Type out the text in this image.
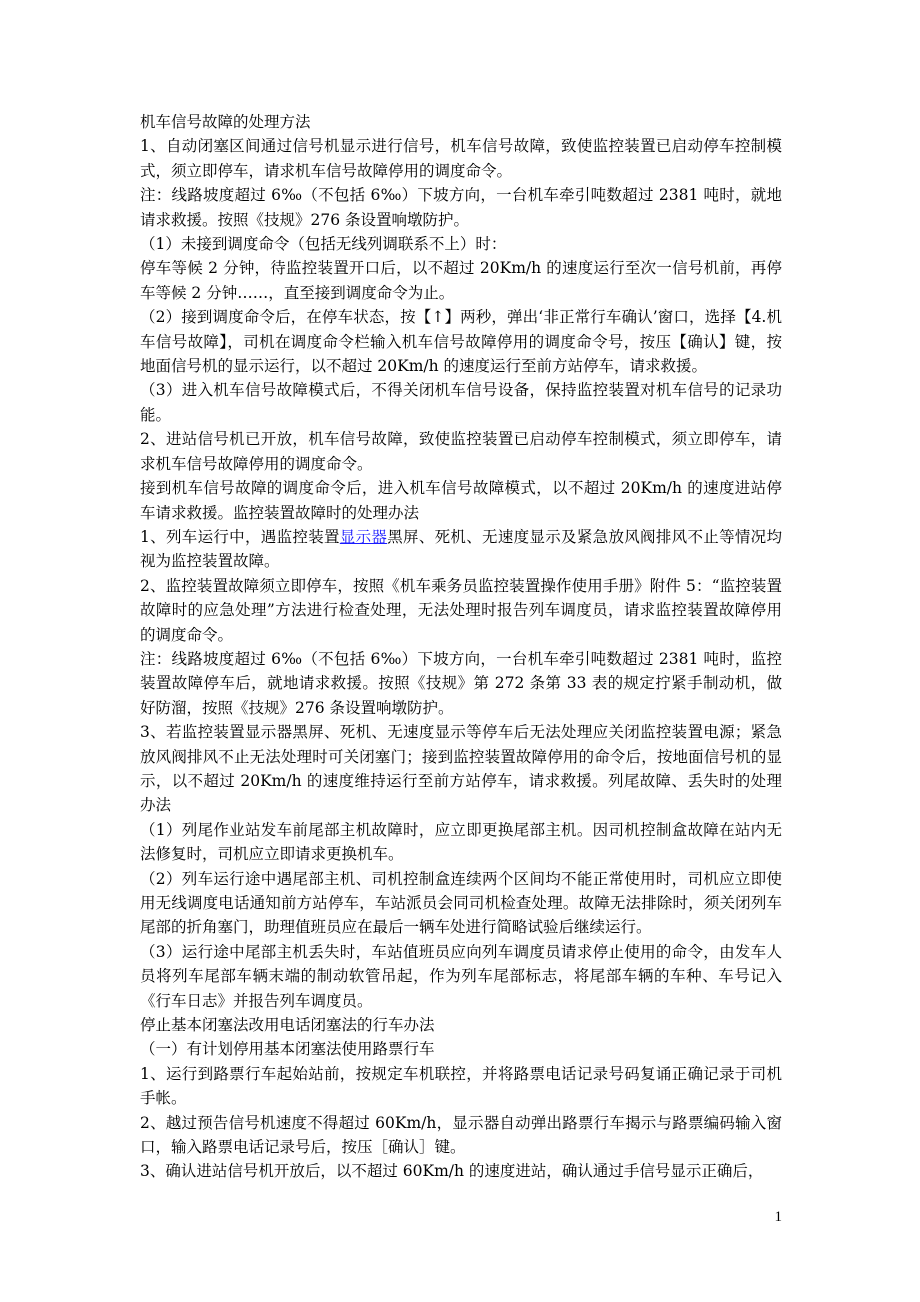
机车信号故障的处理方法

1、自动闭塞区间通过信号机显示进行信号，机车信号故障，致使监控装置已启动停车控制模式，须立即停车，请求机车信号故障停用的调度命令。

注：线路坡度超过 6‰（不包括 6‰）下坡方向，一台机车牵引吨数超过 2381 吨时，就地请求救援。按照《技规》276 条设置响墩防护。

（1）未接到调度命令（包括无线列调联系不上）时：

停车等候 2 分钟，待监控装置开口后，以不超过 20Km/h 的速度运行至次一信号机前，再停车等候 2 分钟……，直至接到调度命令为止。

（2）接到调度命令后，在停车状态，按【↑】两秒，弹出‘非正常行车确认’窗口，选择【4.机车信号故障】，司机在调度命令栏输入机车信号故障停用的调度命令号，按压【确认】键，按地面信号机的显示运行，以不超过 20Km/h 的速度运行至前方站停车，请求救援。

（3）进入机车信号故障模式后，不得关闭机车信号设备，保持监控装置对机车信号的记录功能。

2、进站信号机已开放，机车信号故障，致使监控装置已启动停车控制模式，须立即停车，请求机车信号故障停用的调度命令。

接到机车信号故障的调度命令后，进入机车信号故障模式，以不超过 20Km/h 的速度进站停车请求救援。监控装置故障时的处理办法

1、列车运行中，遇监控装置显示器黑屏、死机、无速度显示及紧急放风阀排风不止等情况均视为监控装置故障。

2、监控装置故障须立即停车，按照《机车乘务员监控装置操作使用手册》附件 5：“监控装置故障时的应急处理”方法进行检查处理，无法处理时报告列车调度员，请求监控装置故障停用的调度命令。

注：线路坡度超过 6‰（不包括 6‰）下坡方向，一台机车牵引吨数超过 2381 吨时，监控装置故障停车后，就地请求救援。按照《技规》第 272 条第 33 表的规定拧紧手制动机，做好防溜，按照《技规》276 条设置响墩防护。

3、若监控装置显示器黑屏、死机、无速度显示等停车后无法处理应关闭监控装置电源；紧急放风阀排风不止无法处理时可关闭塞门；接到监控装置故障停用的命令后，按地面信号机的显示，以不超过 20Km/h 的速度维持运行至前方站停车，请求救援。列尾故障、丢失时的处理办法

（1）列尾作业站发车前尾部主机故障时，应立即更换尾部主机。因司机控制盒故障在站内无法修复时，司机应立即请求更换机车。

（2）列车运行途中遇尾部主机、司机控制盒连续两个区间均不能正常使用时，司机应立即使用无线调度电话通知前方站停车，车站派员会同司机检查处理。故障无法排除时，须关闭列车尾部的折角塞门，助理值班员应在最后一辆车处进行简略试验后继续运行。

（3）运行途中尾部主机丢失时，车站值班员应向列车调度员请求停止使用的命令，由发车人员将列车尾部车辆末端的制动软管吊起，作为列车尾部标志，将尾部车辆的车种、车号记入《行车日志》并报告列车调度员。

停止基本闭塞法改用电话闭塞法的行车办法

（一）有计划停用基本闭塞法使用路票行车

1、运行到路票行车起始站前，按规定车机联控，并将路票电话记录号码复诵正确记录于司机手帐。

2、越过预告信号机速度不得超过 60Km/h，显示器自动弹出路票行车揭示与路票编码输入窗口，输入路票电话记录号后，按压［确认］键。

3、确认进站信号机开放后，以不超过 60Km/h 的速度进站，确认通过手信号显示正确后，

1
